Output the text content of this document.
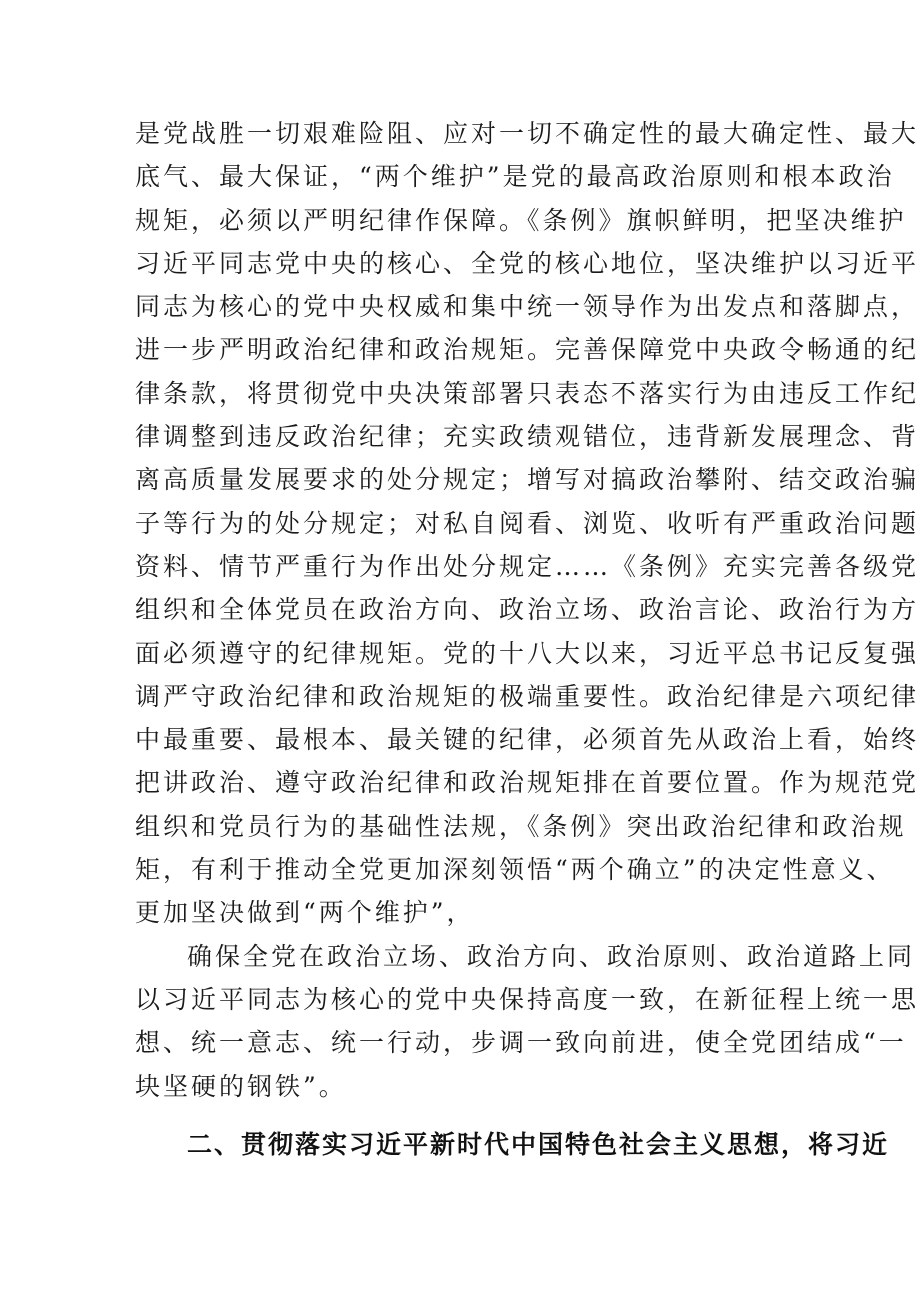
是党战胜一切艰难险阻、应对一切不确定性的最大确定性、最大
底气、最大保证，“两个维护”是党的最高政治原则和根本政治
规矩，必须以严明纪律作保障。《条例》旗帜鲜明，把坚决维护
习近平同志党中央的核心、全党的核心地位，坚决维护以习近平
同志为核心的党中央权威和集中统一领导作为出发点和落脚点，
进一步严明政治纪律和政治规矩。完善保障党中央政令畅通的纪
律条款，将贯彻党中央决策部署只表态不落实行为由违反工作纪
律调整到违反政治纪律；充实政绩观错位，违背新发展理念、背
离高质量发展要求的处分规定；增写对搞政治攀附、结交政治骗
子等行为的处分规定；对私自阅看、浏览、收听有严重政治问题
资料、情节严重行为作出处分规定……《条例》充实完善各级党
组织和全体党员在政治方向、政治立场、政治言论、政治行为方
面必须遵守的纪律规矩。党的十八大以来，习近平总书记反复强
调严守政治纪律和政治规矩的极端重要性。政治纪律是六项纪律
中最重要、最根本、最关键的纪律，必须首先从政治上看，始终
把讲政治、遵守政治纪律和政治规矩排在首要位置。作为规范党
组织和党员行为的基础性法规，《条例》突出政治纪律和政治规
矩，有利于推动全党更加深刻领悟“两个确立”的决定性意义、
更加坚决做到“两个维护”，
确保全党在政治立场、政治方向、政治原则、政治道路上同
以习近平同志为核心的党中央保持高度一致，在新征程上统一思
想、统一意志、统一行动，步调一致向前进，使全党团结成“一
块坚硬的钢铁”。
二、贯彻落实习近平新时代中国特色社会主义思想，将习近
